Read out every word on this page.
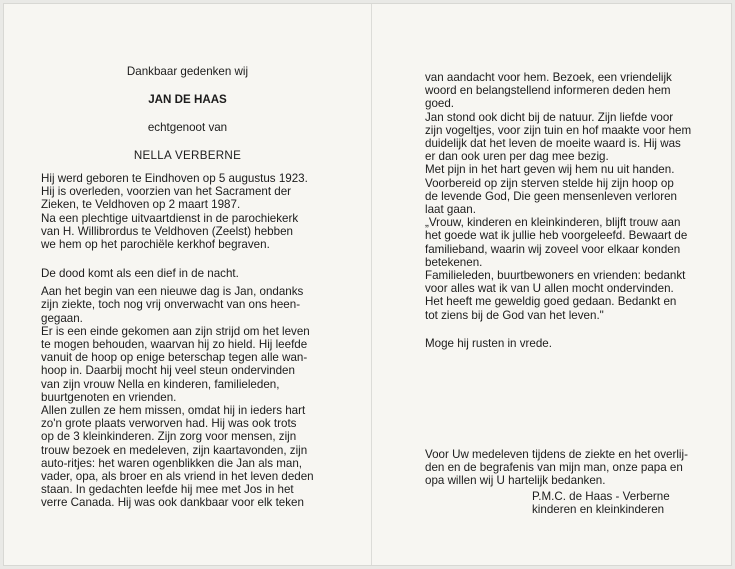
Dankbaar gedenken wij
JAN DE HAAS
echtgenoot van
NELLA VERBERNE
Hij werd geboren te Eindhoven op 5 augustus 1923.
Hij is overleden, voorzien van het Sacrament der
Zieken, te Veldhoven op 2 maart 1987.
Na een plechtige uitvaartdienst in de parochiekerk
van H. Willibrordus te Veldhoven (Zeelst) hebben
we hem op het parochiële kerkhof begraven.
De dood komt als een dief in de nacht.
Aan het begin van een nieuwe dag is Jan, ondanks
zijn ziekte, toch nog vrij onverwacht van ons heen-
gegaan.
Er is een einde gekomen aan zijn strijd om het leven
te mogen behouden, waarvan hij zo hield. Hij leefde
vanuit de hoop op enige beterschap tegen alle wan-
hoop in. Daarbij mocht hij veel steun ondervinden
van zijn vrouw Nella en kinderen, familieleden,
buurtgenoten en vrienden.
Allen zullen ze hem missen, omdat hij in ieders hart
zo'n grote plaats verworven had. Hij was ook trots
op de 3 kleinkinderen. Zijn zorg voor mensen, zijn
trouw bezoek en medeleven, zijn kaartavonden, zijn
auto-ritjes: het waren ogenblikken die Jan als man,
vader, opa, als broer en als vriend in het leven deden
staan. In gedachten leefde hij mee met Jos in het
verre Canada. Hij was ook dankbaar voor elk teken
van aandacht voor hem. Bezoek, een vriendelijk
woord en belangstellend informeren deden hem
goed.
Jan stond ook dicht bij de natuur. Zijn liefde voor
zijn vogeltjes, voor zijn tuin en hof maakte voor hem
duidelijk dat het leven de moeite waard is. Hij was
er dan ook uren per dag mee bezig.
Met pijn in het hart geven wij hem nu uit handen.
Voorbereid op zijn sterven stelde hij zijn hoop op
de levende God, Die geen mensenleven verloren
laat gaan.
„Vrouw, kinderen en kleinkinderen, blijft trouw aan
het goede wat ik jullie heb voorgeleefd. Bewaart de
familieband, waarin wij zoveel voor elkaar konden
betekenen.
Familieleden, buurtbewoners en vrienden: bedankt
voor alles wat ik van U allen mocht ondervinden.
Het heeft me geweldig goed gedaan. Bedankt en
tot ziens bij de God van het leven."
Moge hij rusten in vrede.
Voor Uw medeleven tijdens de ziekte en het overlij-
den en de begrafenis van mijn man, onze papa en
opa willen wij U hartelijk bedanken.
P.M.C. de Haas - Verberne
kinderen en kleinkinderen
